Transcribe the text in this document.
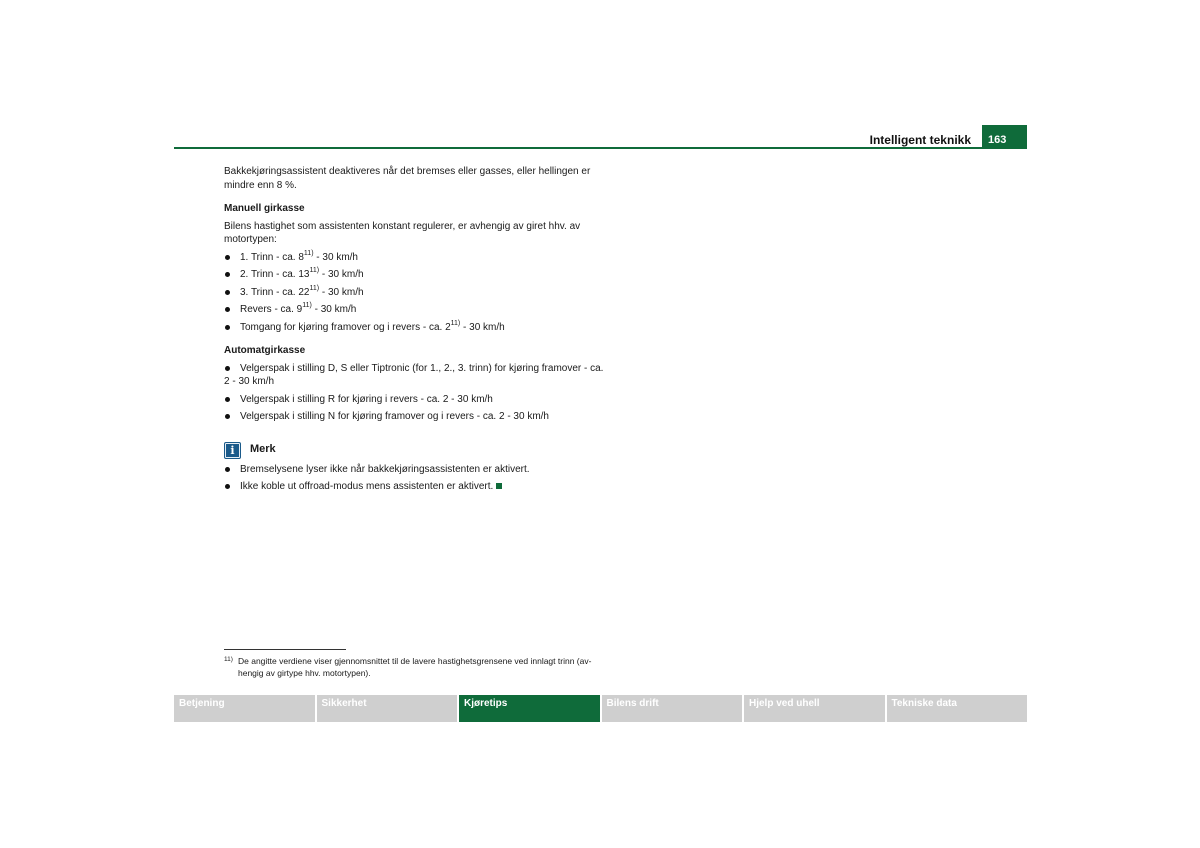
Intelligent teknikk	163

Bakkekjøringsassistent deaktiveres når det bremses eller gasses, eller hellingen er mindre enn 8 %.

Manuell girkasse

Bilens hastighet som assistenten konstant regulerer, er avhengig av giret hhv. av motortypen:

1. Trinn - ca. 8$^{11)}$ - 30 km/h
2. Trinn - ca. 13$^{11)}$ - 30 km/h
3. Trinn - ca. 22$^{11)}$ - 30 km/h
Revers - ca. 9$^{11)}$ - 30 km/h
Tomgang for kjøring framover og i revers - ca. 2$^{11)}$ - 30 km/h

Automatgirkasse

Velgerspak i stilling D, S eller Tiptronic (for 1., 2., 3. trinn) for kjøring framover - ca. 2 - 30 km/h
Velgerspak i stilling R for kjøring i revers - ca. 2 - 30 km/h
Velgerspak i stilling N for kjøring framover og i revers - ca. 2 - 30 km/h
i	Merk
Bremselysene lyser ikke når bakkekjøringsassistenten er aktivert.
Ikke koble ut offroad-modus mens assistenten er aktivert.
11) De angitte verdiene viser gjennomsnittet til de lavere hastighetsgrensene ved innlagt trinn (av- hengig av girtype hhv. motortypen).
Betjening	Sikkerhet	Kjøretips	Bilens drift	Hjelp ved uhell	Tekniske data
